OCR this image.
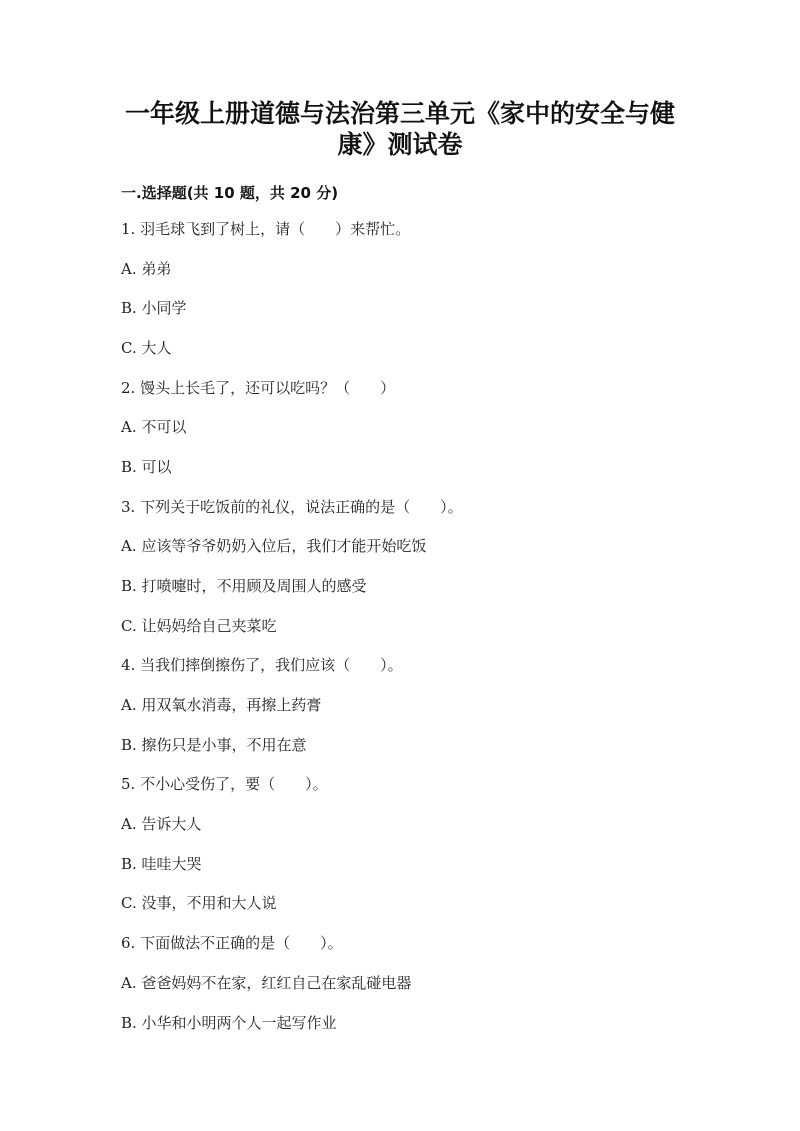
一年级上册道德与法治第三单元《家中的安全与健
康》测试卷
一.选择题(共 10 题，共 20 分)
1. 羽毛球飞到了树上，请（　　）来帮忙。
A. 弟弟
B. 小同学
C. 大人
2. 馒头上长毛了，还可以吃吗？（　　）
A. 不可以
B. 可以
3. 下列关于吃饭前的礼仪，说法正确的是（　　）。
A. 应该等爷爷奶奶入位后，我们才能开始吃饭
B. 打喷嚏时，不用顾及周围人的感受
C. 让妈妈给自己夹菜吃
4. 当我们摔倒擦伤了，我们应该（　　）。
A. 用双氧水消毒，再擦上药膏
B. 擦伤只是小事，不用在意
5. 不小心受伤了，要（　　）。
A. 告诉大人
B. 哇哇大哭
C. 没事，不用和大人说
6. 下面做法不正确的是（　　）。
A. 爸爸妈妈不在家，红红自己在家乱碰电器
B. 小华和小明两个人一起写作业
